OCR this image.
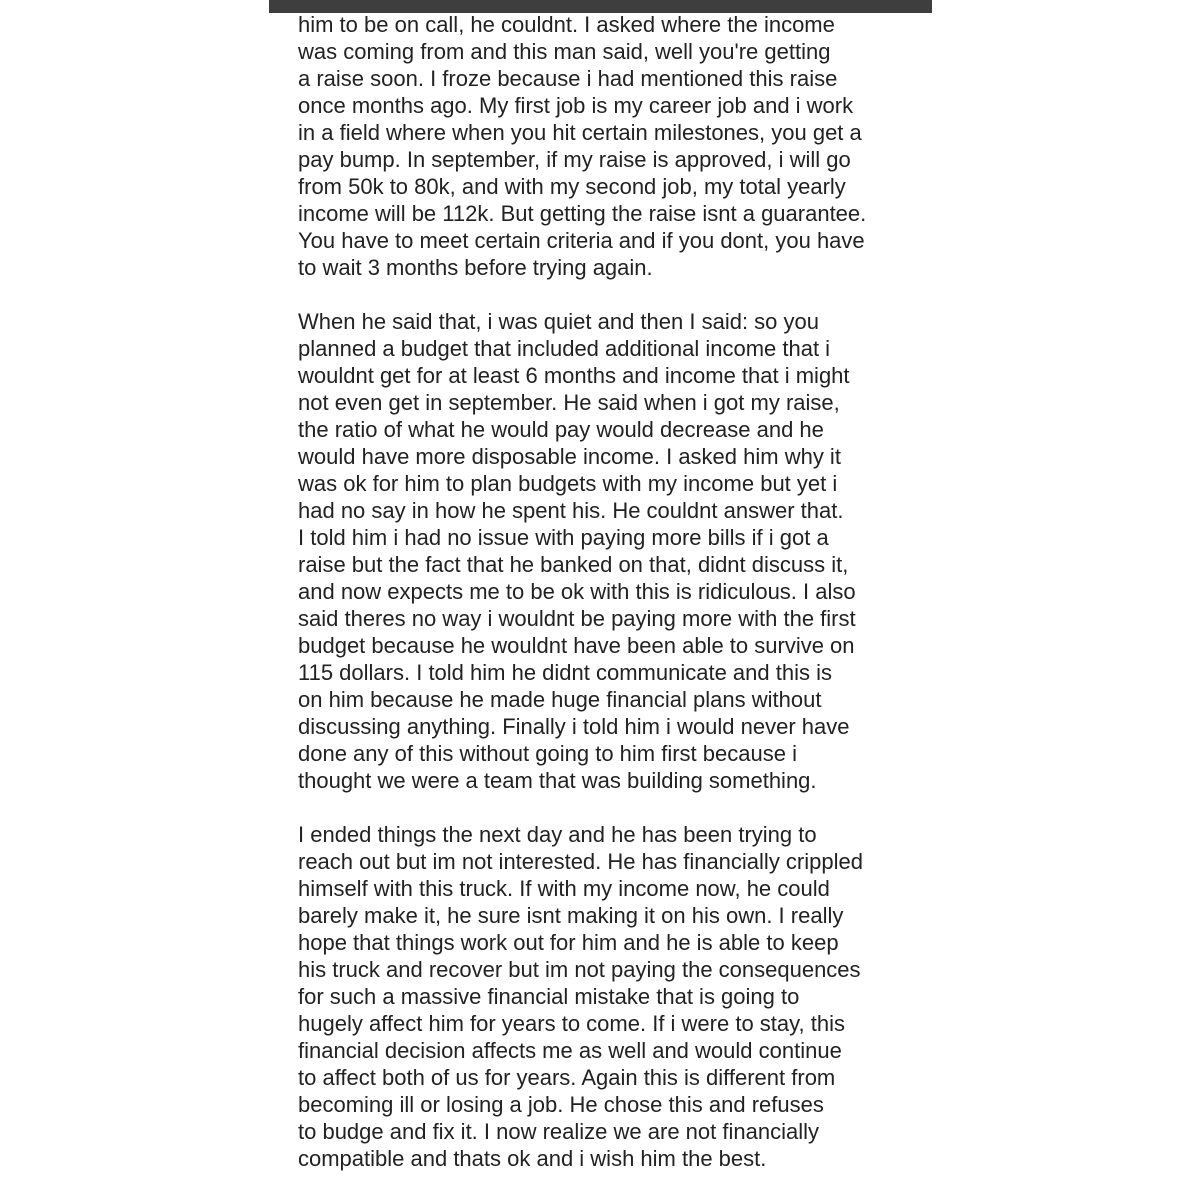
him to be on call, he couldnt. I asked where the income
was coming from and this man said, well you're getting
a raise soon. I froze because i had mentioned this raise
once months ago. My first job is my career job and i work
in a field where when you hit certain milestones, you get a
pay bump. In september, if my raise is approved, i will go
from 50k to 80k, and with my second job, my total yearly
income will be 112k. But getting the raise isnt a guarantee.
You have to meet certain criteria and if you dont, you have
to wait 3 months before trying again.
When he said that, i was quiet and then I said: so you
planned a budget that included additional income that i
wouldnt get for at least 6 months and income that i might
not even get in september. He said when i got my raise,
the ratio of what he would pay would decrease and he
would have more disposable income. I asked him why it
was ok for him to plan budgets with my income but yet i
had no say in how he spent his. He couldnt answer that.
I told him i had no issue with paying more bills if i got a
raise but the fact that he banked on that, didnt discuss it,
and now expects me to be ok with this is ridiculous. I also
said theres no way i wouldnt be paying more with the first
budget because he wouldnt have been able to survive on
115 dollars. I told him he didnt communicate and this is
on him because he made huge financial plans without
discussing anything. Finally i told him i would never have
done any of this without going to him first because i
thought we were a team that was building something.
I ended things the next day and he has been trying to
reach out but im not interested. He has financially crippled
himself with this truck. If with my income now, he could
barely make it, he sure isnt making it on his own. I really
hope that things work out for him and he is able to keep
his truck and recover but im not paying the consequences
for such a massive financial mistake that is going to
hugely affect him for years to come. If i were to stay, this
financial decision affects me as well and would continue
to affect both of us for years. Again this is different from
becoming ill or losing a job. He chose this and refuses
to budge and fix it. I now realize we are not financially
compatible and thats ok and i wish him the best.
